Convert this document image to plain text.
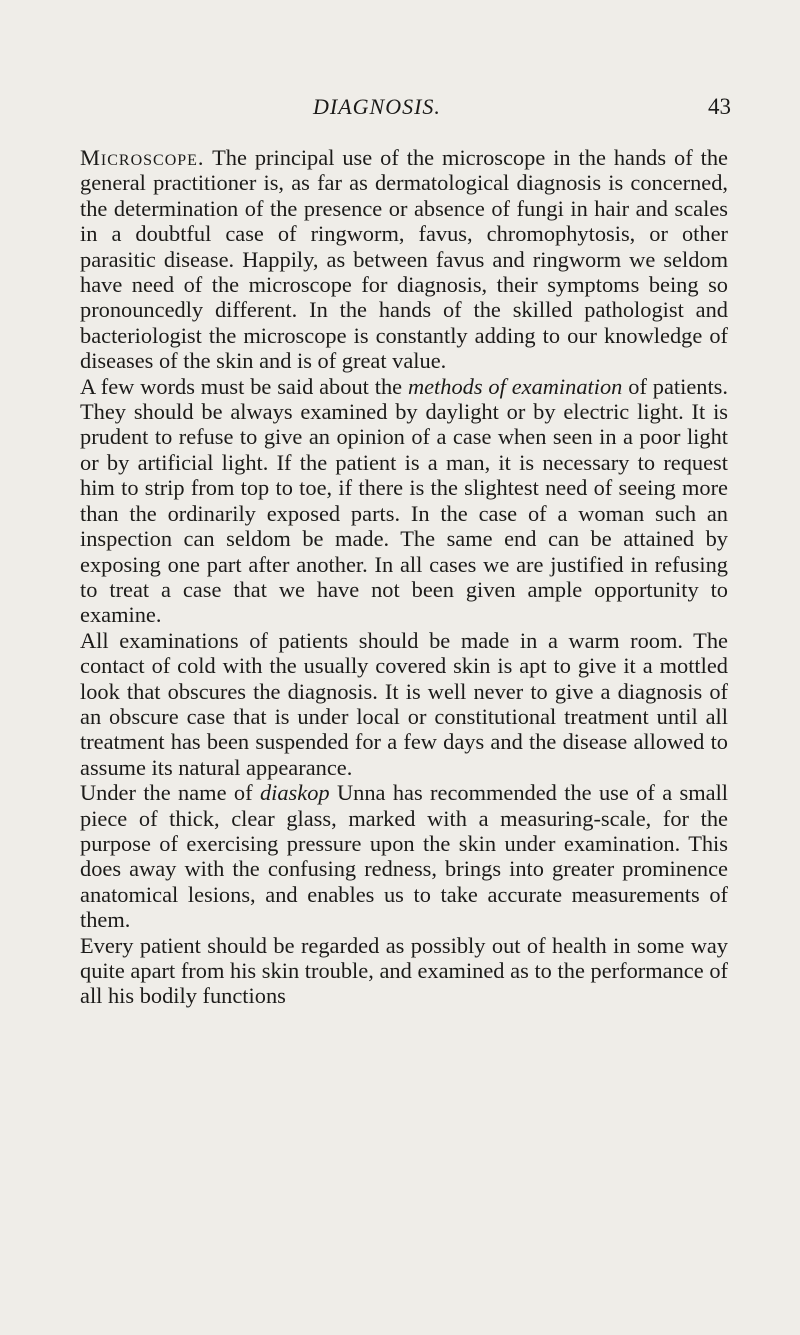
DIAGNOSIS.	43

Microscope. The principal use of the microscope in the hands of the general practitioner is, as far as dermatological diagnosis is concerned, the determination of the presence or absence of fungi in hair and scales in a doubtful case of ringworm, favus, chromophytosis, or other parasitic disease. Happily, as between favus and ringworm we seldom have need of the microscope for diagnosis, their symptoms being so pronouncedly different. In the hands of the skilled pathologist and bacteriologist the microscope is constantly adding to our knowledge of diseases of the skin and is of great value.

A few words must be said about the methods of examination of patients. They should be always examined by daylight or by electric light. It is prudent to refuse to give an opinion of a case when seen in a poor light or by artificial light. If the patient is a man, it is necessary to request him to strip from top to toe, if there is the slightest need of seeing more than the ordinarily exposed parts. In the case of a woman such an inspection can seldom be made. The same end can be attained by exposing one part after another. In all cases we are justified in refusing to treat a case that we have not been given ample opportunity to examine.

All examinations of patients should be made in a warm room. The contact of cold with the usually covered skin is apt to give it a mottled look that obscures the diagnosis. It is well never to give a diagnosis of an obscure case that is under local or constitutional treatment until all treatment has been suspended for a few days and the disease allowed to assume its natural appearance.

Under the name of diaskop Unna has recommended the use of a small piece of thick, clear glass, marked with a measuring-scale, for the purpose of exercising pressure upon the skin under examination. This does away with the confusing redness, brings into greater prominence anatomical lesions, and enables us to take accurate measurements of them.

Every patient should be regarded as possibly out of health in some way quite apart from his skin trouble, and examined as to the performance of all his bodily functions
